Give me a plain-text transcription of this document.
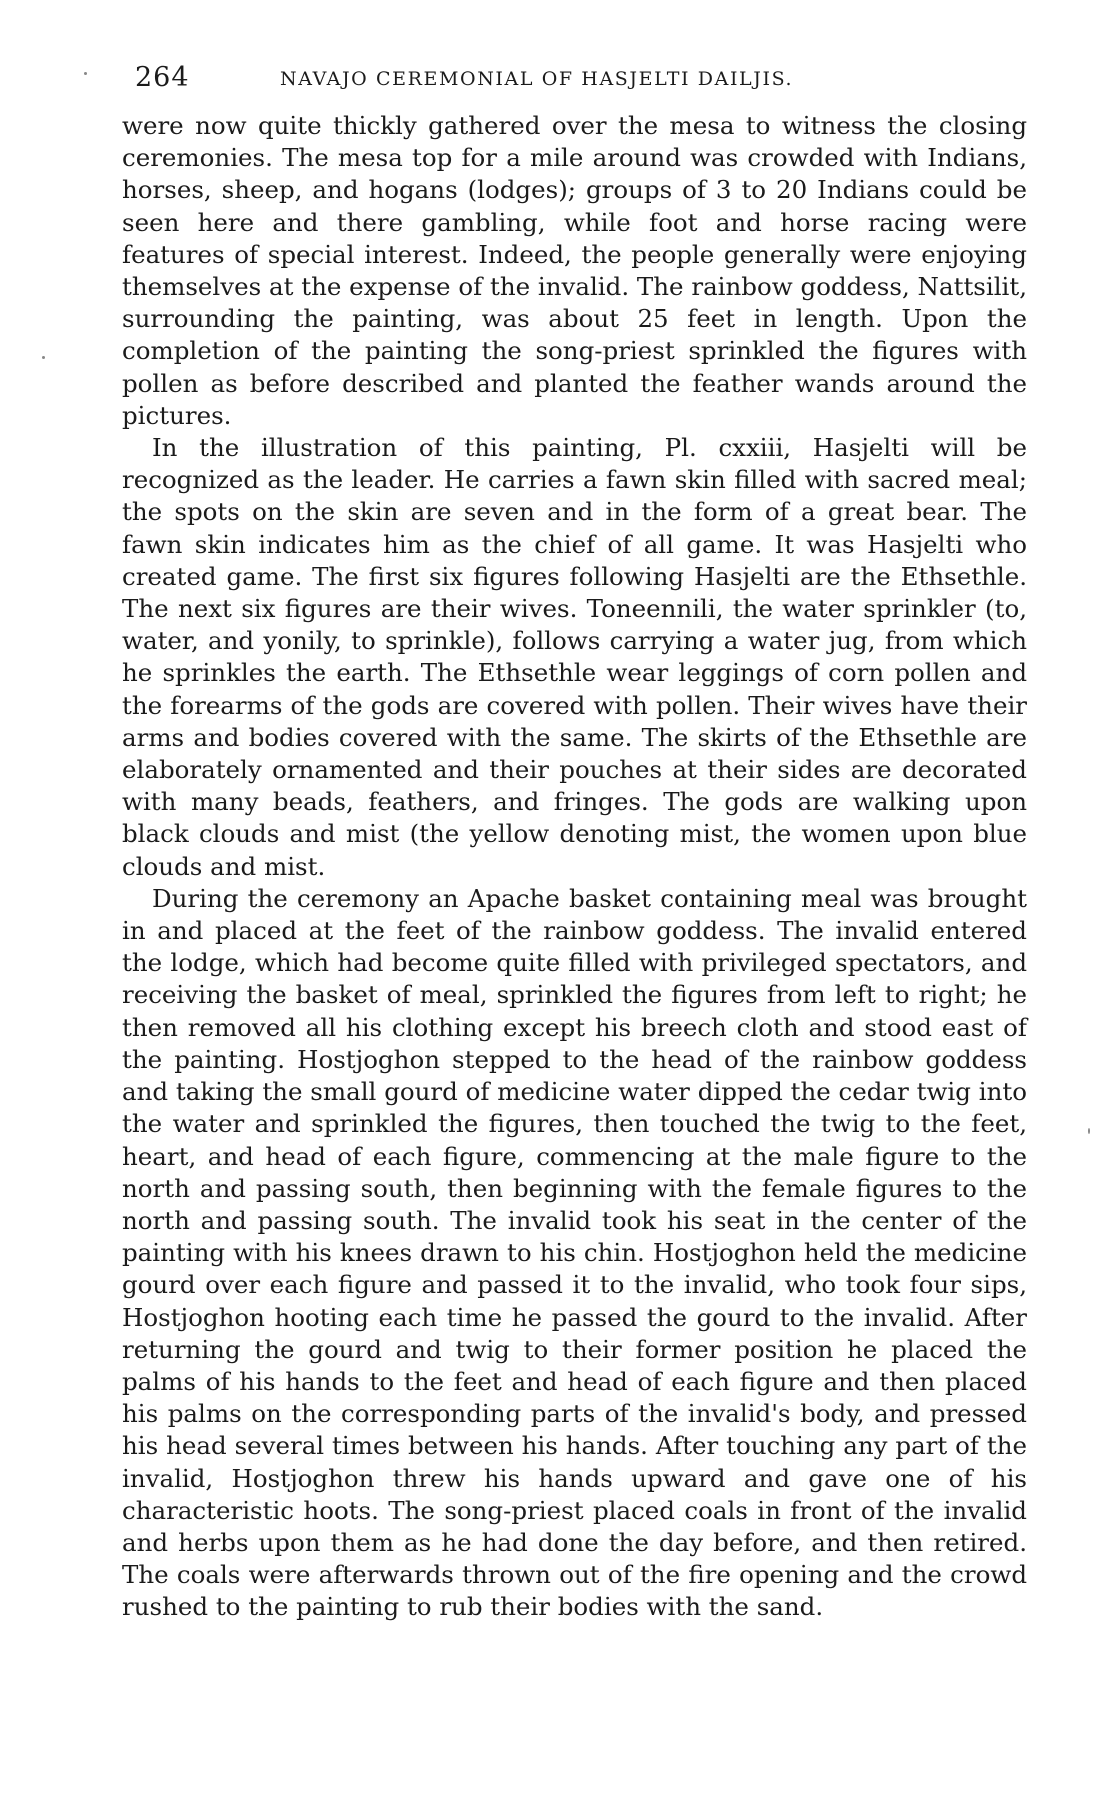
264	NAVAJO CEREMONIAL OF HASJELTI DAILJIS.

were now quite thickly gathered over the mesa to witness the closing ceremonies. The mesa top for a mile around was crowded with Indians, horses, sheep, and hogans (lodges); groups of 3 to 20 Indians could be seen here and there gambling, while foot and horse racing were features of special interest. Indeed, the people generally were enjoying themselves at the expense of the invalid. The rainbow goddess, Nattsilit, surrounding the painting, was about 25 feet in length. Upon the completion of the painting the song-priest sprinkled the figures with pollen as before described and planted the feather wands around the pictures.

In the illustration of this painting, Pl. cxxiii, Hasjelti will be recognized as the leader. He carries a fawn skin filled with sacred meal; the spots on the skin are seven and in the form of a great bear. The fawn skin indicates him as the chief of all game. It was Hasjelti who created game. The first six figures following Hasjelti are the Ethsethle. The next six figures are their wives. Toneennili, the water sprinkler (to, water, and yonily, to sprinkle), follows carrying a water jug, from which he sprinkles the earth. The Ethsethle wear leggings of corn pollen and the forearms of the gods are covered with pollen. Their wives have their arms and bodies covered with the same. The skirts of the Ethsethle are elaborately ornamented and their pouches at their sides are decorated with many beads, feathers, and fringes. The gods are walking upon black clouds and mist (the yellow denoting mist, the women upon blue clouds and mist.

During the ceremony an Apache basket containing meal was brought in and placed at the feet of the rainbow goddess. The invalid entered the lodge, which had become quite filled with privileged spectators, and receiving the basket of meal, sprinkled the figures from left to right; he then removed all his clothing except his breech cloth and stood east of the painting. Hostjoghon stepped to the head of the rainbow goddess and taking the small gourd of medicine water dipped the cedar twig into the water and sprinkled the figures, then touched the twig to the feet, heart, and head of each figure, commencing at the male figure to the north and passing south, then beginning with the female figures to the north and passing south. The invalid took his seat in the center of the painting with his knees drawn to his chin. Hostjoghon held the medicine gourd over each figure and passed it to the invalid, who took four sips, Hostjoghon hooting each time he passed the gourd to the invalid. After returning the gourd and twig to their former position he placed the palms of his hands to the feet and head of each figure and then placed his palms on the corresponding parts of the invalid's body, and pressed his head several times between his hands. After touching any part of the invalid, Hostjoghon threw his hands upward and gave one of his characteristic hoots. The song-priest placed coals in front of the invalid and herbs upon them as he had done the day before, and then retired. The coals were afterwards thrown out of the fire opening and the crowd rushed to the painting to rub their bodies with the sand.
